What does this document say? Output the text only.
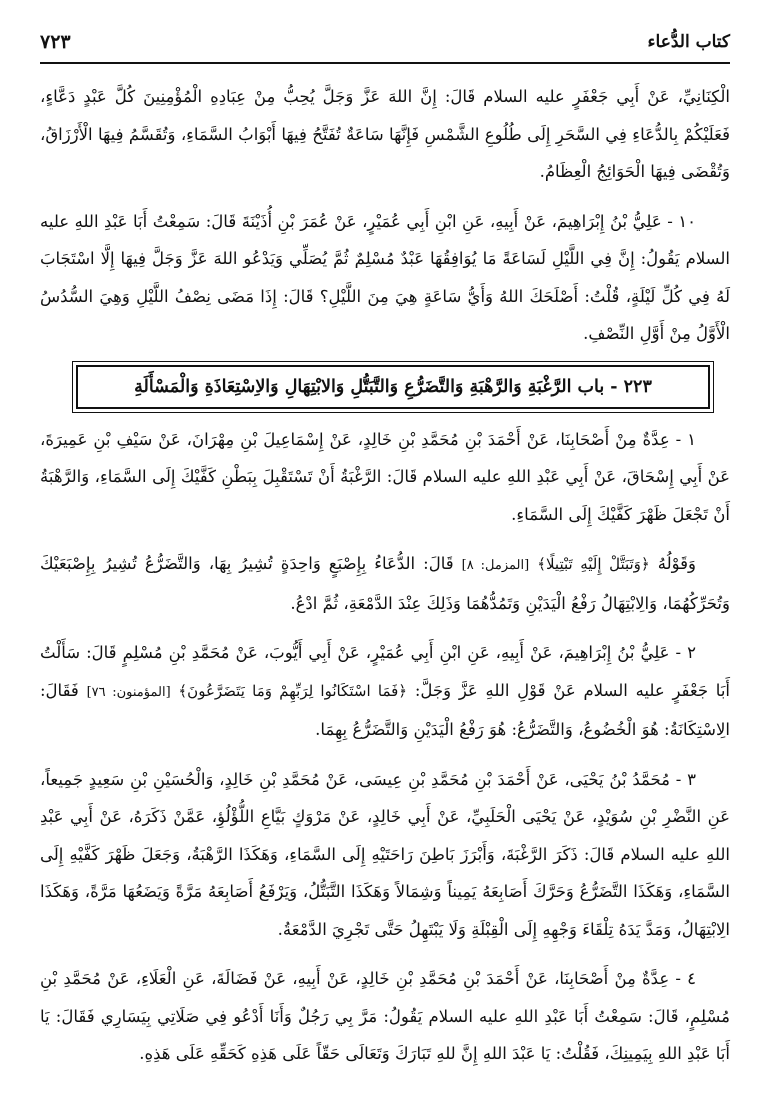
كتاب الدُّعاء
٧٢٣

الْكِنَانِيِّ، عَنْ أَبِي جَعْفَرٍ عليه السلام قَالَ: إِنَّ اللهَ عَزَّ وَجَلَّ يُحِبُّ مِنْ عِبَادِهِ الْمُؤْمِنِينَ كُلَّ عَبْدٍ دَعَّاءٍ، فَعَلَيْكُمْ بِالدُّعَاءِ فِي السَّحَرِ إِلَى طُلُوعِ الشَّمْسِ فَإِنَّهَا سَاعَةٌ تُفَتَّحُ فِيهَا أَبْوَابُ السَّمَاءِ، وَتُقَسَّمُ فِيهَا الْأَرْزَاقُ، وَتُقْضَى فِيهَا الْحَوَائِجُ الْعِظَامُ.

١٠ - عَلِيُّ بْنُ إِبْرَاهِيمَ، عَنْ أَبِيهِ، عَنِ ابْنِ أَبِي عُمَيْرٍ، عَنْ عُمَرَ بْنِ أُذَيْنَةَ قَالَ: سَمِعْتُ أَبَا عَبْدِ اللهِ عليه السلام يَقُولُ: إِنَّ فِي اللَّيْلِ لَسَاعَةً مَا يُوَافِقُهَا عَبْدٌ مُسْلِمٌ ثُمَّ يُصَلِّي وَيَدْعُو اللهَ عَزَّ وَجَلَّ فِيهَا إِلَّا اسْتَجَابَ لَهُ فِي كُلِّ لَيْلَةٍ، قُلْتُ: أَصْلَحَكَ اللهُ وَأَيُّ سَاعَةٍ هِيَ مِنَ اللَّيْلِ؟ قَالَ: إِذَا مَضَى نِصْفُ اللَّيْلِ وَهِيَ السُّدُسُ الْأَوَّلُ مِنْ أَوَّلِ النِّصْفِ.

٢٢٣ - باب الرَّغْبَةِ وَالرَّهْبَةِ وَالتَّضَرُّعِ وَالتَّبَتُّلِ وَالابْتِهَالِ وَالاِسْتِعَاذَةِ وَالْمَسْأَلَةِ

١ - عِدَّةٌ مِنْ أَصْحَابِنَا، عَنْ أَحْمَدَ بْنِ مُحَمَّدِ بْنِ خَالِدٍ، عَنْ إِسْمَاعِيلَ بْنِ مِهْرَانَ، عَنْ سَيْفِ بْنِ عَمِيرَةَ، عَنْ أَبِي إِسْحَاقَ، عَنْ أَبِي عَبْدِ اللهِ عليه السلام قَالَ: الرَّغْبَةُ أَنْ تَسْتَقْبِلَ بِبَطْنِ كَفَّيْكَ إِلَى السَّمَاءِ، وَالرَّهْبَةُ أَنْ تَجْعَلَ ظَهْرَ كَفَّيْكَ إِلَى السَّمَاءِ.

وَقَوْلُهُ ﴿وَتَبَتَّلْ إِلَيْهِ تَبْتِيلًا﴾ [المزمل: ٨] قَالَ: الدُّعَاءُ بِإِصْبَعٍ وَاحِدَةٍ تُشِيرُ بِهَا، وَالتَّضَرُّعُ تُشِيرُ بِإِصْبَعَيْكَ وَتُحَرِّكُهُمَا، وَالِابْتِهَالُ رَفْعُ الْيَدَيْنِ وَتَمُدُّهُمَا وَذَلِكَ عِنْدَ الدَّمْعَةِ، ثُمَّ ادْعُ.

٢ - عَلِيُّ بْنُ إِبْرَاهِيمَ، عَنْ أَبِيهِ، عَنِ ابْنِ أَبِي عُمَيْرٍ، عَنْ أَبِي أَيُّوبَ، عَنْ مُحَمَّدِ بْنِ مُسْلِمٍ قَالَ: سَأَلْتُ أَبَا جَعْفَرٍ عليه السلام عَنْ قَوْلِ اللهِ عَزَّ وَجَلَّ: ﴿فَمَا اسْتَكَانُوا لِرَبِّهِمْ وَمَا يَتَضَرَّعُونَ﴾ [المؤمنون: ٧٦] فَقَالَ: الِاسْتِكَانَةُ: هُوَ الْخُضُوعُ، وَالتَّضَرُّعُ: هُوَ رَفْعُ الْيَدَيْنِ وَالتَّضَرُّعُ بِهِمَا.

٣ - مُحَمَّدُ بْنُ يَحْيَى، عَنْ أَحْمَدَ بْنِ مُحَمَّدِ بْنِ عِيسَى، عَنْ مُحَمَّدِ بْنِ خَالِدٍ، وَالْحُسَيْنِ بْنِ سَعِيدٍ جَمِيعاً، عَنِ النَّضْرِ بْنِ سُوَيْدٍ، عَنْ يَحْيَى الْحَلَبِيِّ، عَنْ أَبِي خَالِدٍ، عَنْ مَرْوَكٍ بَيَّاعِ اللُّؤْلُؤِ، عَمَّنْ ذَكَرَهُ، عَنْ أَبِي عَبْدِ اللهِ عليه السلام قَالَ: ذَكَرَ الرَّغْبَةَ، وَأَبْرَزَ بَاطِنَ رَاحَتَيْهِ إِلَى السَّمَاءِ، وَهَكَذَا الرَّهْبَةُ، وَجَعَلَ ظَهْرَ كَفَّيْهِ إِلَى السَّمَاءِ، وَهَكَذَا التَّضَرُّعُ وَحَرَّكَ أَصَابِعَهُ يَمِيناً وَشِمَالاً وَهَكَذَا التَّبَتُّلُ، وَيَرْفَعُ أَصَابِعَهُ مَرَّةً وَيَضَعُهَا مَرَّةً، وَهَكَذَا الِابْتِهَالُ، وَمَدَّ يَدَهُ تِلْقَاءَ وَجْهِهِ إِلَى الْقِبْلَةِ وَلَا يَبْتَهِلُ حَتَّى تَجْرِيَ الدَّمْعَةُ.

٤ - عِدَّةٌ مِنْ أَصْحَابِنَا، عَنْ أَحْمَدَ بْنِ مُحَمَّدِ بْنِ خَالِدٍ، عَنْ أَبِيهِ، عَنْ فَضَالَةَ، عَنِ الْعَلَاءِ، عَنْ مُحَمَّدِ بْنِ مُسْلِمٍ، قَالَ: سَمِعْتُ أَبَا عَبْدِ اللهِ عليه السلام يَقُولُ: مَرَّ بِي رَجُلٌ وَأَنَا أَدْعُو فِي صَلَاتِي بِيَسَارِي فَقَالَ: يَا أَبَا عَبْدِ اللهِ بِيَمِينِكَ، فَقُلْتُ: يَا عَبْدَ اللهِ إِنَّ للهِ تَبَارَكَ وَتَعَالَى حَقّاً عَلَى هَذِهِ كَحَقِّهِ عَلَى هَذِهِ.
